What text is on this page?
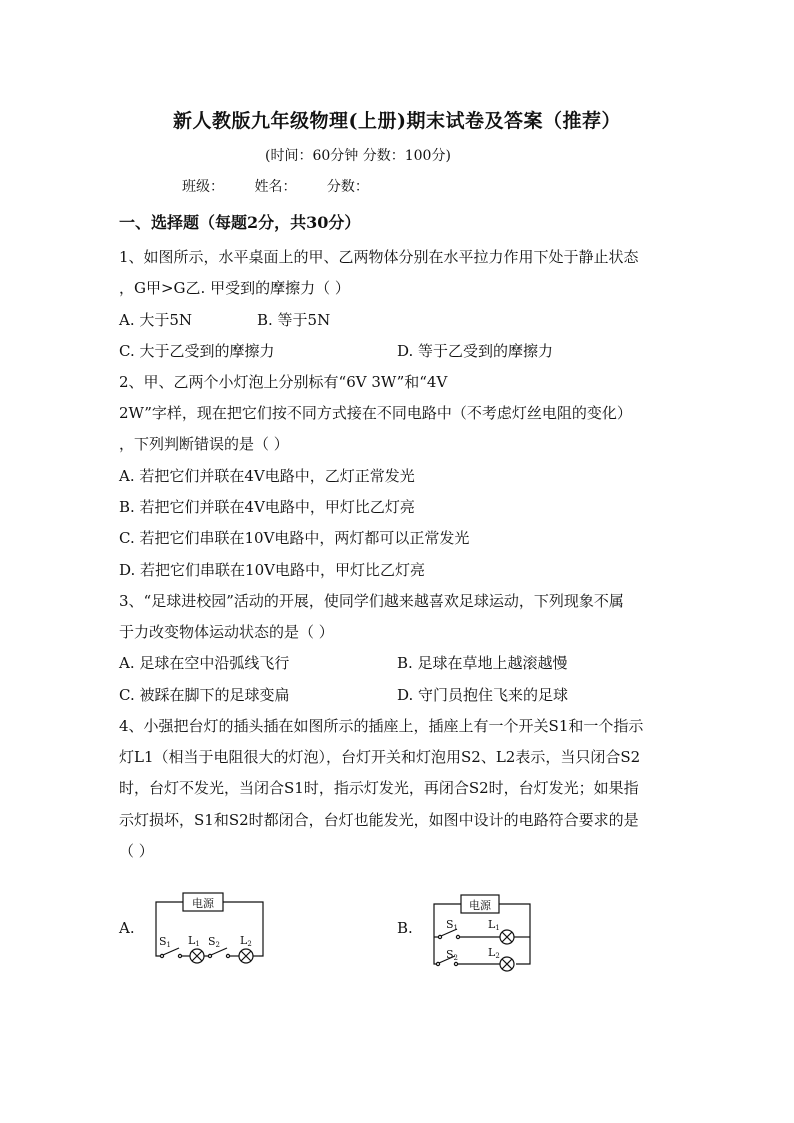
新人教版九年级物理(上册)期末试卷及答案（推荐）
(时间：60分钟 分数：100分)
班级： 姓名： 分数：
一、选择题（每题2分，共30分）
1、如图所示，水平桌面上的甲、乙两物体分别在水平拉力作用下处于静止状态
，G甲>G乙. 甲受到的摩擦力（ ）
A. 大于5N	B. 等于5N
C. 大于乙受到的摩擦力	D. 等于乙受到的摩擦力
2、甲、乙两个小灯泡上分别标有“6V 3W”和“4V
2W”字样，现在把它们按不同方式接在不同电路中（不考虑灯丝电阻的变化）
，下列判断错误的是（ ）
A. 若把它们并联在4V电路中，乙灯正常发光
B. 若把它们并联在4V电路中，甲灯比乙灯亮
C. 若把它们串联在10V电路中，两灯都可以正常发光
D. 若把它们串联在10V电路中，甲灯比乙灯亮
3、“足球进校园”活动的开展，使同学们越来越喜欢足球运动，下列现象不属
于力改变物体运动状态的是（ ）
A. 足球在空中沿弧线飞行	B. 足球在草地上越滚越慢
C. 被踩在脚下的足球变扁	D. 守门员抱住飞来的足球
4、小强把台灯的插头插在如图所示的插座上，插座上有一个开关S1和一个指示
灯L1（相当于电阻很大的灯泡），台灯开关和灯泡用S2、L2表示，当只闭合S2
时，台灯不发光，当闭合S1时，指示灯发光，再闭合S2时，台灯发光；如果指
示灯损坏，S1和S2时都闭合，台灯也能发光，如图中设计的电路符合要求的是
（ ）
A.	B.
电源
S1 L1 S2 L2
电源
S1	L1
S2	L2
